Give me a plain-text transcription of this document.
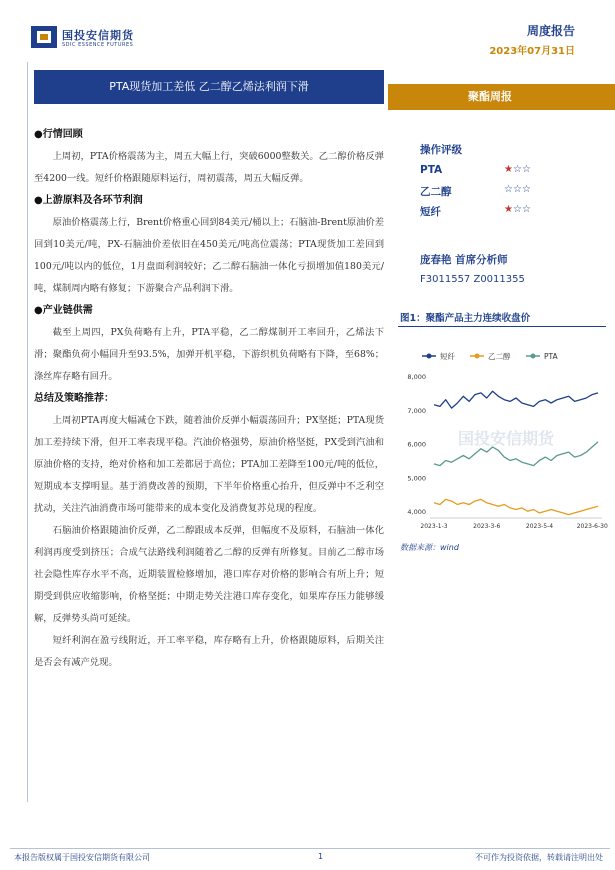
国投安信期货
SDIC ESSENCE FUTURES
周度报告
2023年07月31日
PTA现货加工差低 乙二醇乙烯法利润下滑
聚酯周报
●行情回顾

上周初，PTA价格震荡为主，周五大幅上行，突破6000整数关。乙二醇价格反弹至4200一线。短纤价格跟随原料运行，周初震荡，周五大幅反弹。

●上游原料及各环节利润

原油价格震荡上行，Brent价格重心回到84美元/桶以上；石脑油-Brent原油价差回到10美元/吨，PX-石脑油价差依旧在450美元/吨高位震荡；PTA现货加工差回到100元/吨以内的低位，1月盘面利润较好；乙二醇石脑油一体化亏损增加值180美元/吨，煤制周内略有修复；下游聚合产品利润下滑。

●产业链供需

截至上周四，PX负荷略有上升，PTA平稳，乙二醇煤制开工率回升，乙烯法下滑；聚酯负荷小幅回升至93.5%，加弹开机平稳，下游织机负荷略有下降，至68%；涤丝库存略有回升。

总结及策略推荐：

上周初PTA再度大幅减仓下跌，随着油价反弹小幅震荡回升；PX坚挺；PTA现货加工差持续下滑，但开工率表现平稳。汽油价格强势，原油价格坚挺，PX受到汽油和原油价格的支持，绝对价格和加工差都居于高位；PTA加工差降至100元/吨的低位，短期成本支撑明显。基于消费改善的预期，下半年价格重心抬升，但反弹中不乏利空扰动，关注汽油消费市场可能带来的成本变化及消费复苏兑现的程度。

石脑油价格跟随油价反弹，乙二醇跟成本反弹，但幅度不及原料，石脑油一体化利润再度受到挤压；合成气法路线利润随着乙二醇的反弹有所修复。目前乙二醇市场社会隐性库存水平不高，近期装置检修增加，港口库存对价格的影响合有所上升；短期受到供应收缩影响，价格坚挺；中期走势关注港口库存变化，如果库存压力能够缓解，反弹势头尚可延续。

短纤利润在盈亏线附近，开工率平稳，库存略有上升，价格跟随原料，后期关注是否会有减产兑现。

操作评级
PTA	★☆☆
乙二醇	☆☆☆
短纤	★☆☆
庞春艳 首席分析师
F3011557 Z0011355
图1：聚酯产品主力连续收盘价
国投安信期货
短纤	乙二醇	PTA
4,000
5,000
6,000
7,000
8,000
2023-1-3	2023-3-6	2023-5-4	2023-6-30
数据来源：wind
本报告版权属于国投安信期货有限公司	1	不可作为投资依据，转载请注明出处
